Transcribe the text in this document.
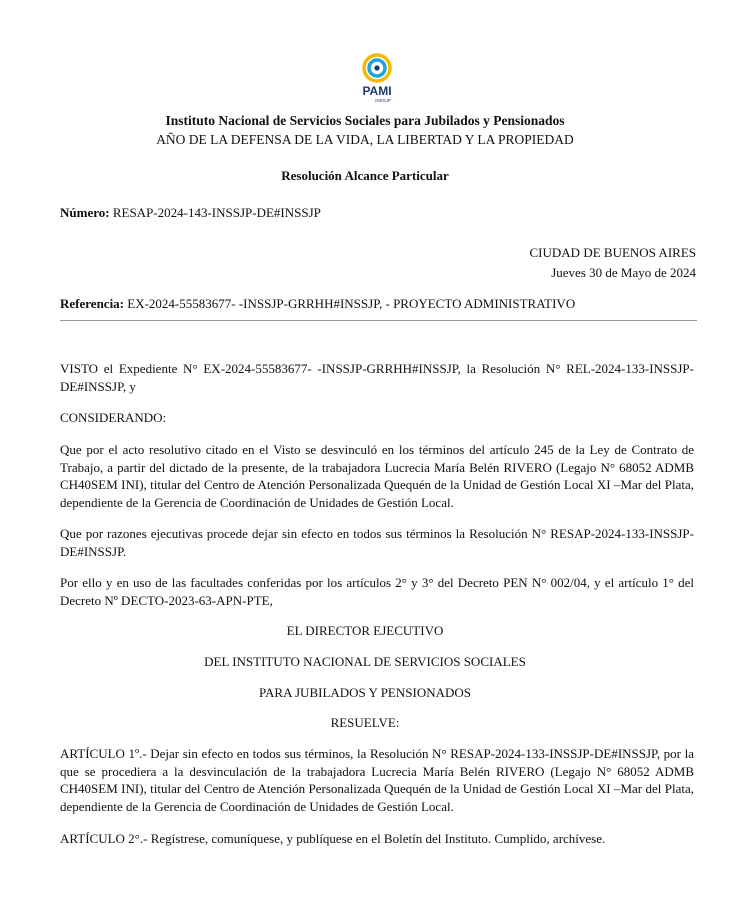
PAMI
INSSJP
Instituto Nacional de Servicios Sociales para Jubilados y Pensionados
AÑO DE LA DEFENSA DE LA VIDA, LA LIBERTAD Y LA PROPIEDAD
Resolución Alcance Particular
Número: RESAP-2024-143-INSSJP-DE#INSSJP
CIUDAD DE BUENOS AIRES
Jueves 30 de Mayo de 2024
Referencia: EX-2024-55583677- -INSSJP-GRRHH#INSSJP, - PROYECTO ADMINISTRATIVO

VISTO el Expediente N° EX-2024-55583677- -INSSJP-GRRHH#INSSJP, la Resolución N° REL-2024-133-INSSJP-DE#INSSJP, y

CONSIDERANDO:

Que por el acto resolutivo citado en el Visto se desvinculó en los términos del artículo 245 de la Ley de Contrato de Trabajo, a partir del dictado de la presente, de la trabajadora Lucrecia María Belén RIVERO (Legajo N° 68052 ADMB CH40SEM INI), titular del Centro de Atención Personalizada Quequén de la Unidad de Gestión Local XI –Mar del Plata, dependiente de la Gerencia de Coordinación de Unidades de Gestión Local.

Que por razones ejecutivas procede dejar sin efecto en todos sus términos la Resolución N° RESAP-2024-133-INSSJP-DE#INSSJP.

Por ello y en uso de las facultades conferidas por los artículos 2° y 3° del Decreto PEN N° 002/04, y el artículo 1° del Decreto Nº DECTO-2023-63-APN-PTE,

EL DIRECTOR EJECUTIVO
DEL INSTITUTO NACIONAL DE SERVICIOS SOCIALES
PARA JUBILADOS Y PENSIONADOS
RESUELVE:

ARTÍCULO 1º.- Dejar sin efecto en todos sus términos, la Resolución N° RESAP-2024-133-INSSJP-DE#INSSJP, por la que se procediera a la desvinculación de la trabajadora Lucrecia María Belén RIVERO (Legajo N° 68052 ADMB CH40SEM INI), titular del Centro de Atención Personalizada Quequén de la Unidad de Gestión Local XI –Mar del Plata, dependiente de la Gerencia de Coordinación de Unidades de Gestión Local.

ARTÍCULO 2°.- Regístrese, comuníquese, y publíquese en el Boletín del Instituto. Cumplido, archívese.
